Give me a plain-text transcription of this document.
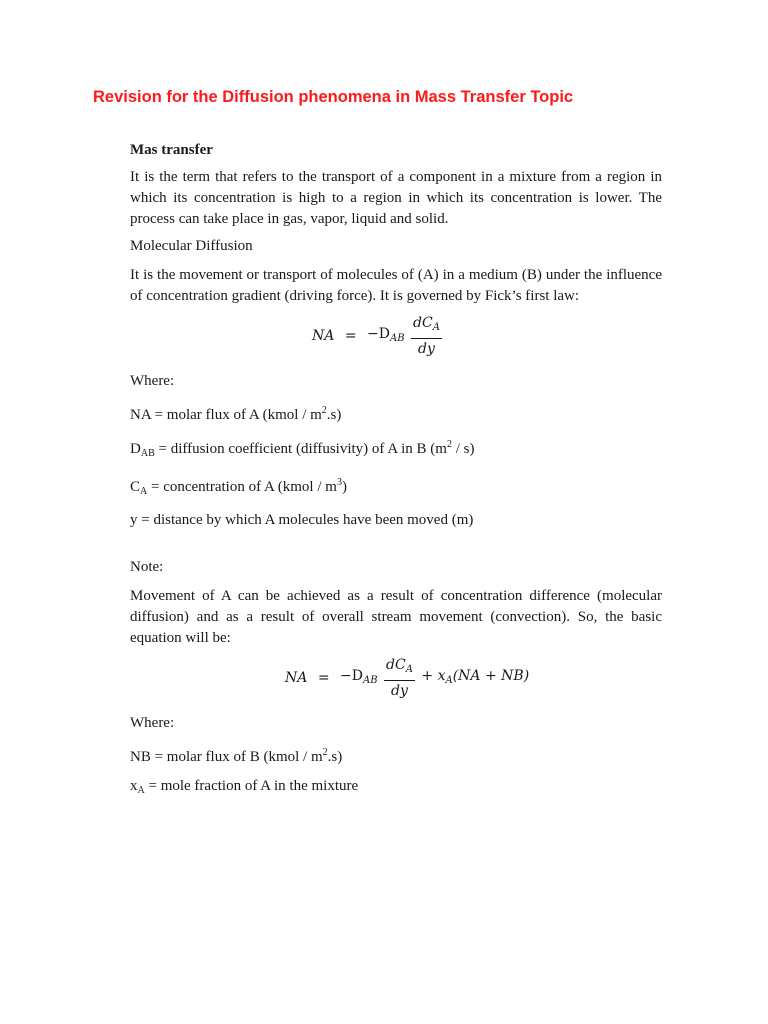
Revision for the Diffusion phenomena in Mass Transfer Topic
Mas transfer
It is the term that refers to the transport of a component in a mixture from a region in which its concentration is high to a region in which its concentration is lower. The process can take place in gas, vapor, liquid and solid.
Molecular Diffusion
It is the movement or transport of molecules of (A) in a medium (B) under the influence of concentration gradient (driving force). It is governed by Fick’s first law:
NA = $-D_{AB} \frac{dC_A}{dy}$
Where:
NA = molar flux of A (kmol / $m^2.s$)
$D_{AB}$ = diffusion coefficient (diffusivity) of A in B $(m^2 / s)$
$C_A$ = concentration of A (kmol / $m^3$)
y = distance by which A molecules have been moved (m)
Note:
Movement of A can be achieved as a result of concentration difference (molecular diffusion) and as a result of overall stream movement (convection). So, the basic equation will be:
NA = $-D_{AB} \frac{dC_A}{dy} + x_A(NA + NB)$
Where:
NB = molar flux of B (kmol / $m^2.s$)
$x_A$ = mole fraction of A in the mixture
